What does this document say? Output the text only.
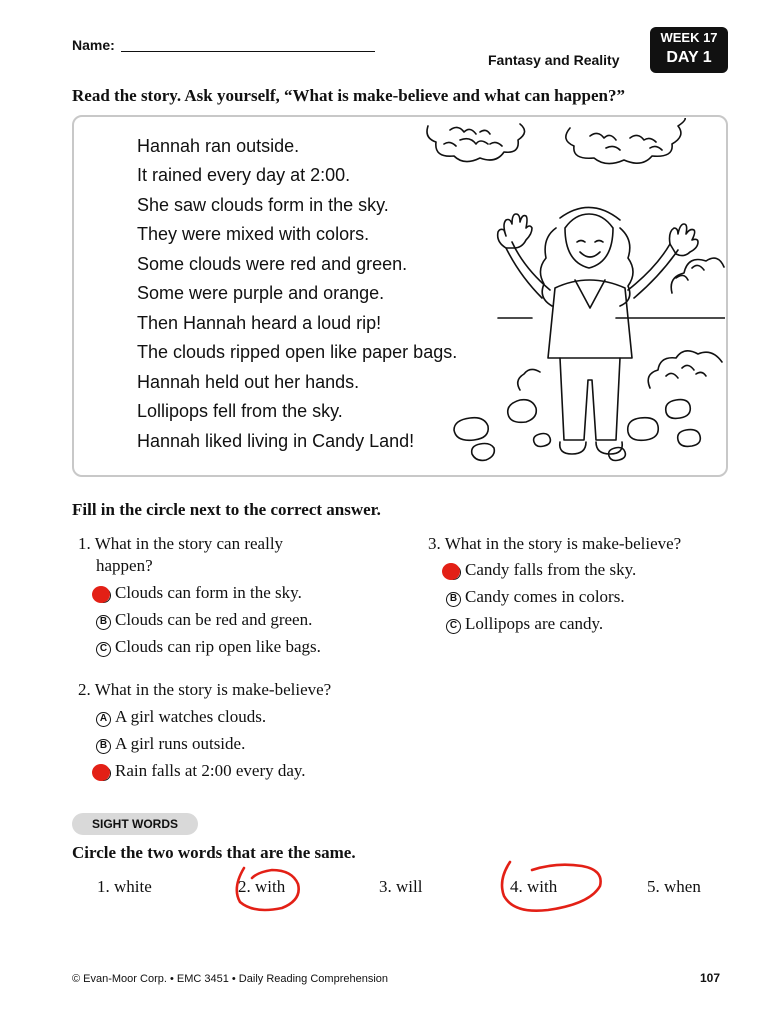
Name:
Fantasy and Reality
WEEK 17
DAY 1
Read the story. Ask yourself, “What is make-believe and what can happen?”
Hannah ran outside.
It rained every day at 2:00.
She saw clouds form in the sky.
They were mixed with colors.
Some clouds were red and green.
Some were purple and orange.
Then Hannah heard a loud rip!
The clouds ripped open like paper bags.
Hannah held out her hands.
Lollipops fell from the sky.
Hannah liked living in Candy Land!
Fill in the circle next to the correct answer.
1. What in the story can really
happen?
Clouds can form in the sky.
B Clouds can be red and green.
C Clouds can rip open like bags.
2. What in the story is make-believe?
A A girl watches clouds.
B A girl runs outside.
Rain falls at 2:00 every day.
3. What in the story is make-believe?
Candy falls from the sky.
B Candy comes in colors.
C Lollipops are candy.
SIGHT WORDS
Circle the two words that are the same.
1. white	2. with	3. will	4. with	5. when
© Evan-Moor Corp. • EMC 3451 • Daily Reading Comprehension	107
